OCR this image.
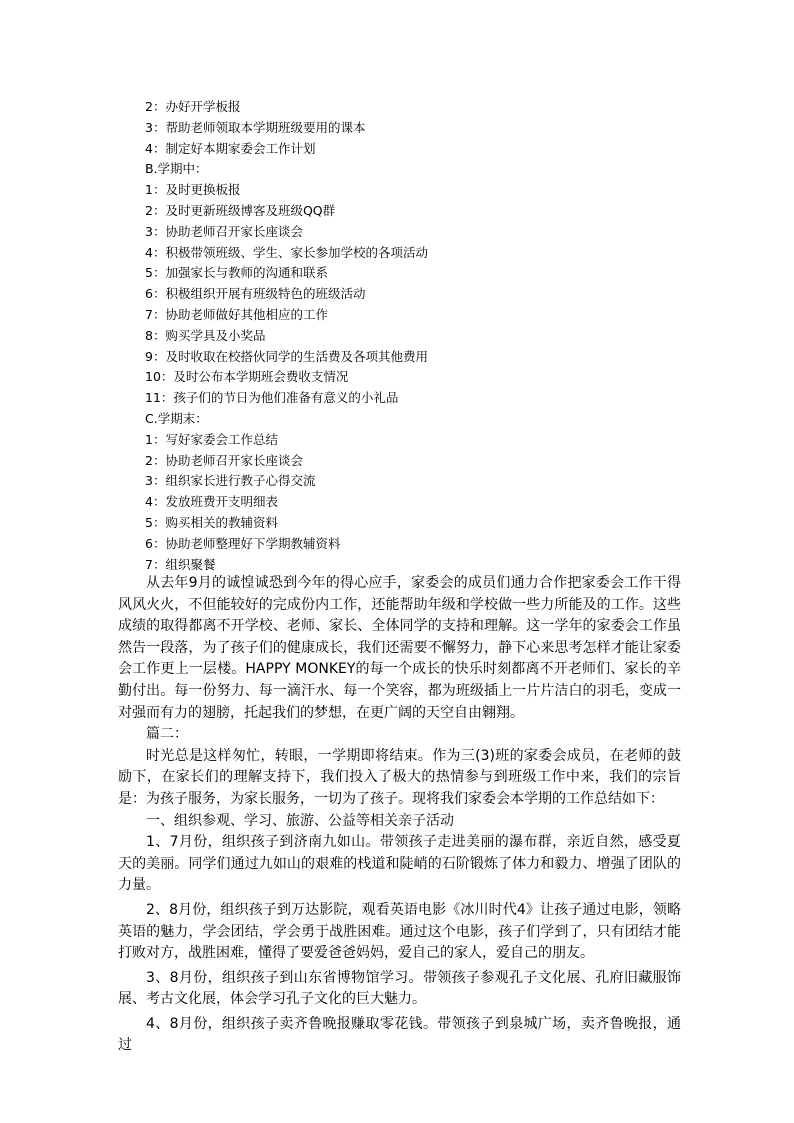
2：办好开学板报
3：帮助老师领取本学期班级要用的课本
4：制定好本期家委会工作计划
B.学期中：
1：及时更换板报
2：及时更新班级博客及班级QQ群
3：协助老师召开家长座谈会
4：积极带领班级、学生、家长参加学校的各项活动
5：加强家长与教师的沟通和联系
6：积极组织开展有班级特色的班级活动
7：协助老师做好其他相应的工作
8：购买学具及小奖品
9：及时收取在校搭伙同学的生活费及各项其他费用
10：及时公布本学期班会费收支情况
11：孩子们的节日为他们准备有意义的小礼品
C.学期末：
1：写好家委会工作总结
2：协助老师召开家长座谈会
3：组织家长进行教子心得交流
4：发放班费开支明细表
5：购买相关的教辅资料
6：协助老师整理好下学期教辅资料
7：组织聚餐

从去年9月的诚惶诚恐到今年的得心应手，家委会的成员们通力合作把家委会工作干得风风火火，不但能较好的完成份内工作，还能帮助年级和学校做一些力所能及的工作。这些成绩的取得都离不开学校、老师、家长、全体同学的支持和理解。这一学年的家委会工作虽然告一段落，为了孩子们的健康成长，我们还需要不懈努力，静下心来思考怎样才能让家委会工作更上一层楼。HAPPY MONKEY的每一个成长的快乐时刻都离不开老师们、家长的辛勤付出。每一份努力、每一滴汗水、每一个笑容，都为班级插上一片片洁白的羽毛，变成一对强而有力的翅膀，托起我们的梦想，在更广阔的天空自由翱翔。

篇二：

时光总是这样匆忙，转眼，一学期即将结束。作为三(3)班的家委会成员，在老师的鼓励下，在家长们的理解支持下，我们投入了极大的热情参与到班级工作中来，我们的宗旨是：为孩子服务，为家长服务，一切为了孩子。现将我们家委会本学期的工作总结如下：

一、组织参观、学习、旅游、公益等相关亲子活动

1、7月份，组织孩子到济南九如山。带领孩子走进美丽的瀑布群，亲近自然，感受夏天的美丽。同学们通过九如山的艰难的栈道和陡峭的石阶锻炼了体力和毅力、增强了团队的力量。

2、8月份，组织孩子到万达影院，观看英语电影《冰川时代4》让孩子通过电影，领略英语的魅力，学会团结，学会勇于战胜困难。通过这个电影，孩子们学到了，只有团结才能打败对方，战胜困难，懂得了要爱爸爸妈妈，爱自己的家人，爱自己的朋友。

3、8月份，组织孩子到山东省博物馆学习。带领孩子参观孔子文化展、孔府旧藏服饰展、考古文化展，体会学习孔子文化的巨大魅力。

4、8月份，组织孩子卖齐鲁晚报赚取零花钱。带领孩子到泉城广场，卖齐鲁晚报，通过
